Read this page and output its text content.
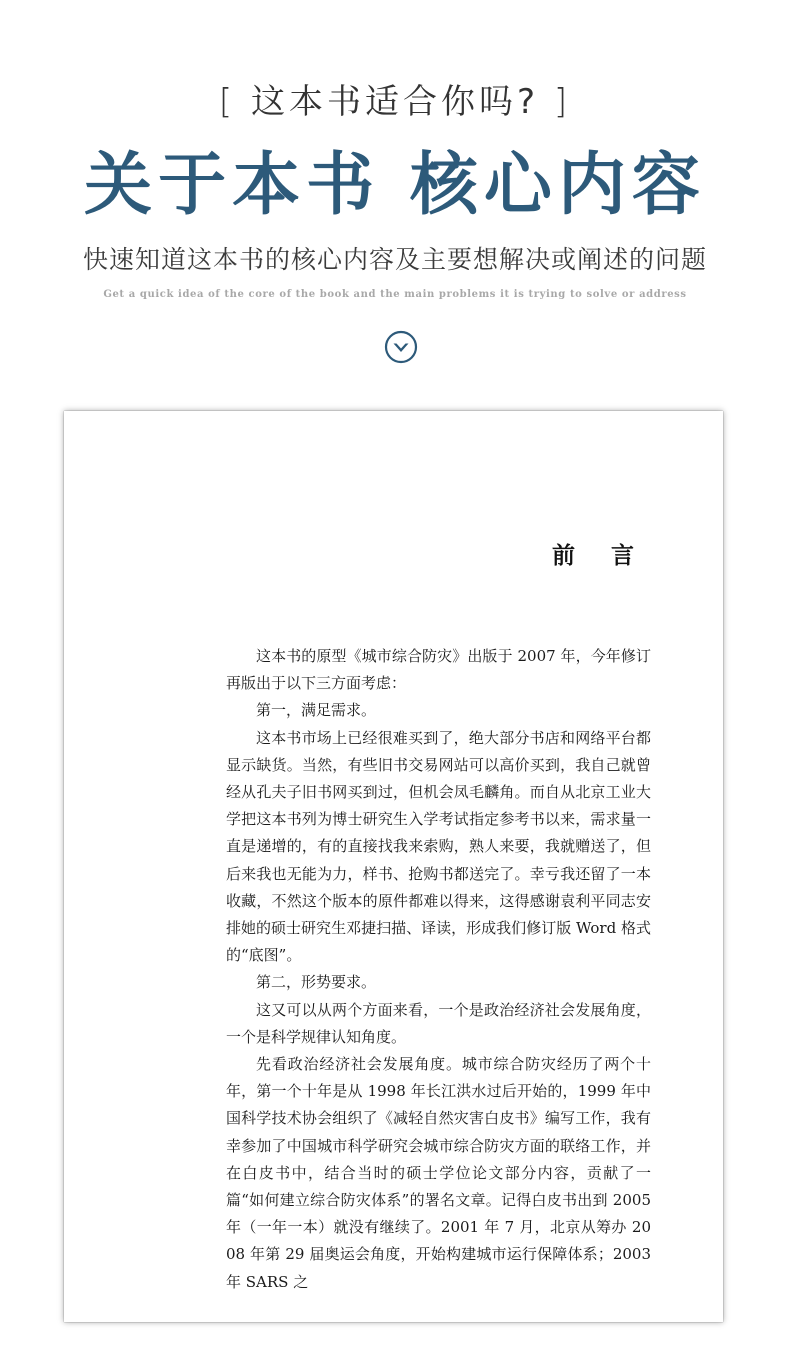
[ 这本书适合你吗? ]
关于本书 核心内容
快速知道这本书的核心内容及主要想解决或阐述的问题
Get a quick idea of the core of the book and the main problems it is trying to solve or address
前 言

这本书的原型《城市综合防灾》出版于 2007 年，今年修订再版出于以下三方面考虑：

第一，满足需求。

这本书市场上已经很难买到了，绝大部分书店和网络平台都显示缺货。当然，有些旧书交易网站可以高价买到，我自己就曾经从孔夫子旧书网买到过，但机会凤毛麟角。而自从北京工业大学把这本书列为博士研究生入学考试指定参考书以来，需求量一直是递增的，有的直接找我来索购，熟人来要，我就赠送了，但后来我也无能为力，样书、抢购书都送完了。幸亏我还留了一本收藏，不然这个版本的原件都难以得来，这得感谢袁利平同志安排她的硕士研究生邓捷扫描、译读，形成我们修订版 Word 格式的“底图”。

第二，形势要求。

这又可以从两个方面来看，一个是政治经济社会发展角度，一个是科学规律认知角度。

先看政治经济社会发展角度。城市综合防灾经历了两个十年，第一个十年是从 1998 年长江洪水过后开始的，1999 年中国科学技术协会组织了《减轻自然灾害白皮书》编写工作，我有幸参加了中国城市科学研究会城市综合防灾方面的联络工作，并在白皮书中，结合当时的硕士学位论文部分内容，贡献了一篇“如何建立综合防灾体系”的署名文章。记得白皮书出到 2005 年（一年一本）就没有继续了。2001 年 7 月，北京从筹办 2008 年第 29 届奥运会角度，开始构建城市运行保障体系；2003 年 SARS 之
